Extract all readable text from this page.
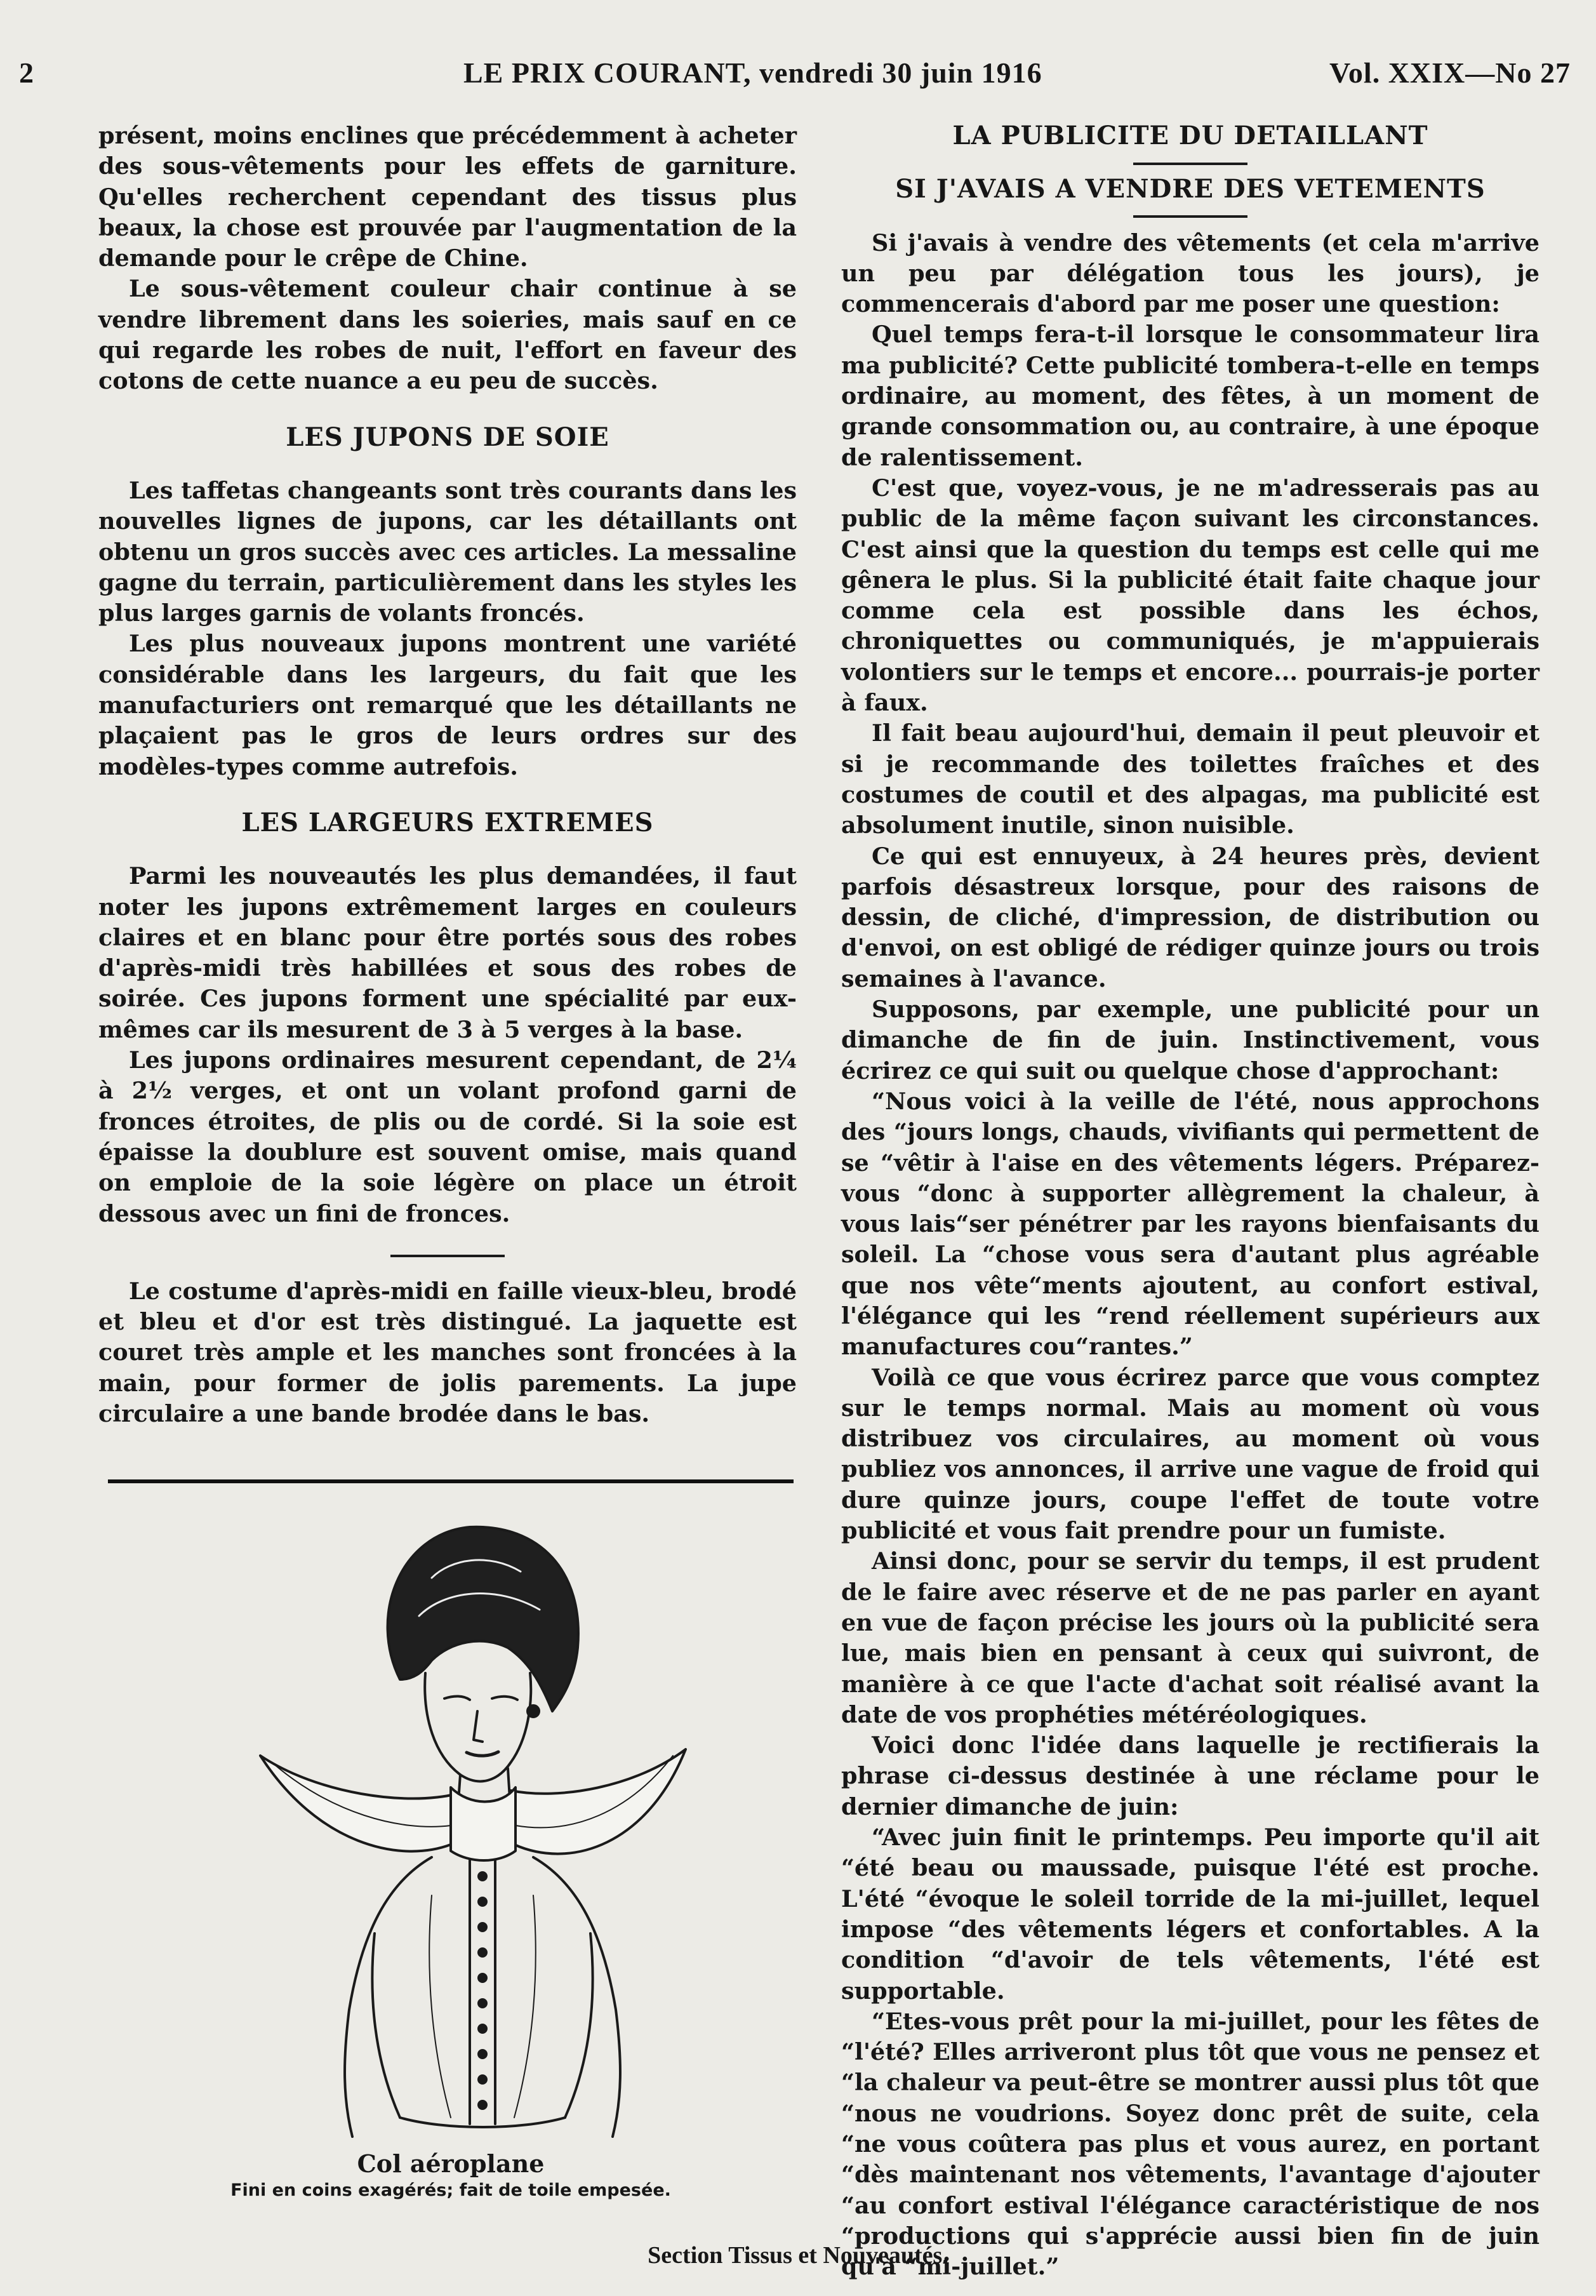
2	LE PRIX COURANT, vendredi 30 juin 1916	Vol. XXIX—No 27

présent, moins enclines que précédemment à acheter des sous-vêtements pour les effets de garniture. Qu'elles recherchent cependant des tissus plus beaux, la chose est prouvée par l'augmentation de la demande pour le crêpe de Chine.

Le sous-vêtement couleur chair continue à se vendre librement dans les soieries, mais sauf en ce qui regarde les robes de nuit, l'effort en faveur des cotons de cette nuance a eu peu de succès.

LES JUPONS DE SOIE

Les taffetas changeants sont très courants dans les nouvelles lignes de jupons, car les détaillants ont obtenu un gros succès avec ces articles. La messaline gagne du terrain, particulièrement dans les styles les plus larges garnis de volants froncés.

Les plus nouveaux jupons montrent une variété considérable dans les largeurs, du fait que les manufacturiers ont remarqué que les détaillants ne plaçaient pas le gros de leurs ordres sur des modèles-types comme autrefois.

LES LARGEURS EXTREMES

Parmi les nouveautés les plus demandées, il faut noter les jupons extrêmement larges en couleurs claires et en blanc pour être portés sous des robes d'après-midi très habillées et sous des robes de soirée. Ces jupons forment une spécialité par eux-mêmes car ils mesurent de 3 à 5 verges à la base.

Les jupons ordinaires mesurent cependant, de 2¼ à 2½ verges, et ont un volant profond garni de fronces étroites, de plis ou de cordé. Si la soie est épaisse la doublure est souvent omise, mais quand on emploie de la soie légère on place un étroit dessous avec un fini de fronces.

Le costume d'après-midi en faille vieux-bleu, brodé et bleu et d'or est très distingué. La jaquette est couret très ample et les manches sont froncées à la main, pour former de jolis parements. La jupe circulaire a une bande brodée dans le bas.

Col aéroplane
Fini en coins exagérés; fait de toile empesée.
LA PUBLICITE DU DETAILLANT
SI J'AVAIS A VENDRE DES VETEMENTS

Si j'avais à vendre des vêtements (et cela m'arrive un peu par délégation tous les jours), je commencerais d'abord par me poser une question:

Quel temps fera-t-il lorsque le consommateur lira ma publicité? Cette publicité tombera-t-elle en temps ordinaire, au moment, des fêtes, à un moment de grande consommation ou, au contraire, à une époque de ralentissement.

C'est que, voyez-vous, je ne m'adresserais pas au public de la même façon suivant les circonstances. C'est ainsi que la question du temps est celle qui me gênera le plus. Si la publicité était faite chaque jour comme cela est possible dans les échos, chroniquettes ou communiqués, je m'appuierais volontiers sur le temps et encore... pourrais-je porter à faux.

Il fait beau aujourd'hui, demain il peut pleuvoir et si je recommande des toilettes fraîches et des costumes de coutil et des alpagas, ma publicité est absolument inutile, sinon nuisible.

Ce qui est ennuyeux, à 24 heures près, devient parfois désastreux lorsque, pour des raisons de dessin, de cliché, d'impression, de distribution ou d'envoi, on est obligé de rédiger quinze jours ou trois semaines à l'avance.

Supposons, par exemple, une publicité pour un dimanche de fin de juin. Instinctivement, vous écrirez ce qui suit ou quelque chose d'approchant:

“Nous voici à la veille de l'été, nous approchons des “jours longs, chauds, vivifiants qui permettent de se “vêtir à l'aise en des vêtements légers. Préparez-vous “donc à supporter allègrement la chaleur, à vous lais“ser pénétrer par les rayons bienfaisants du soleil. La “chose vous sera d'autant plus agréable que nos vête“ments ajoutent, au confort estival, l'élégance qui les “rend réellement supérieurs aux manufactures cou“rantes.”

Voilà ce que vous écrirez parce que vous comptez sur le temps normal. Mais au moment où vous distribuez vos circulaires, au moment où vous publiez vos annonces, il arrive une vague de froid qui dure quinze jours, coupe l'effet de toute votre publicité et vous fait prendre pour un fumiste.

Ainsi donc, pour se servir du temps, il est prudent de le faire avec réserve et de ne pas parler en ayant en vue de façon précise les jours où la publicité sera lue, mais bien en pensant à ceux qui suivront, de manière à ce que l'acte d'achat soit réalisé avant la date de vos prophéties météréologiques.

Voici donc l'idée dans laquelle je rectifierais la phrase ci-dessus destinée à une réclame pour le dernier dimanche de juin:

“Avec juin finit le printemps. Peu importe qu'il ait “été beau ou maussade, puisque l'été est proche. L'été “évoque le soleil torride de la mi-juillet, lequel impose “des vêtements légers et confortables. A la condition “d'avoir de tels vêtements, l'été est supportable.

“Etes-vous prêt pour la mi-juillet, pour les fêtes de “l'été? Elles arriveront plus tôt que vous ne pensez et “la chaleur va peut-être se montrer aussi plus tôt que “nous ne voudrions. Soyez donc prêt de suite, cela “ne vous coûtera pas plus et vous aurez, en portant “dès maintenant nos vêtements, l'avantage d'ajouter “au confort estival l'élégance caractéristique de nos “productions qui s'apprécie aussi bien fin de juin qu'à “mi-juillet.”

Section Tissus et Nouveautés.
